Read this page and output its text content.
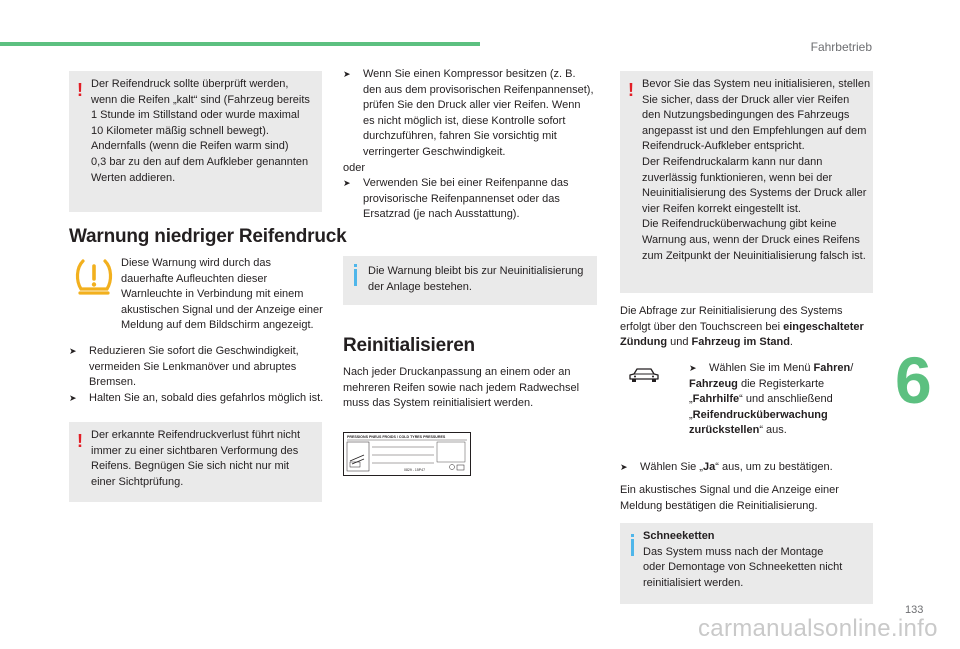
Fahrbetrieb
6
133
carmanualsonline.info
! Der Reifendruck sollte überprüft werden,

wenn die Reifen „kalt“ sind (Fahrzeug bereits

1 Stunde im Stillstand oder wurde maximal

10 Kilometer mäßig schnell bewegt).

Andernfalls (wenn die Reifen warm sind)

0,3 bar zu den auf dem Aufkleber genannten

Werten addieren.

Warnung niedriger Reifendruck

Diese Warnung wird durch das

dauerhafte Aufleuchten dieser

Warnleuchte in Verbindung mit einem

akustischen Signal und der Anzeige einer

Meldung auf dem Bildschirm angezeigt.

➤ Reduzieren Sie sofort die Geschwindigkeit,

vermeiden Sie Lenkmanöver und abruptes

Bremsen.

➤ Halten Sie an, sobald dies gefahrlos möglich ist.

! Der erkannte Reifendruckverlust führt nicht

immer zu einer sichtbaren Verformung des

Reifens. Begnügen Sie sich nicht nur mit

einer Sichtprüfung.

➤ Wenn Sie einen Kompressor besitzen (z. B.

den aus dem provisorischen Reifenpannenset),

prüfen Sie den Druck aller vier Reifen. Wenn

es nicht möglich ist, diese Kontrolle sofort

durchzuführen, fahren Sie vorsichtig mit

verringerter Geschwindigkeit.

oder

➤ Verwenden Sie bei einer Reifenpanne das

provisorische Reifenpannenset oder das

Ersatzrad (je nach Ausstattung).

Die Warnung bleibt bis zur Neuinitialisierung

der Anlage bestehen.

Reinitialisieren

Nach jeder Druckanpassung an einem oder an

mehreren Reifen sowie nach jedem Radwechsel

muss das System reinitialisiert werden.

PRESSIONS PNEUS FROIDS / COLD TYRES PRESSURES
0829 - 15P47
! Bevor Sie das System neu initialisieren, stellen

Sie sicher, dass der Druck aller vier Reifen

den Nutzungsbedingungen des Fahrzeugs

angepasst ist und den Empfehlungen auf dem

Reifendruck-Aufkleber entspricht.

Der Reifendruckalarm kann nur dann

zuverlässig funktionieren, wenn bei der

Neuinitialisierung des Systems der Druck aller

vier Reifen korrekt eingestellt ist.

Die Reifendrucküberwachung gibt keine

Warnung aus, wenn der Druck eines Reifens

zum Zeitpunkt der Neuinitialisierung falsch ist.

Die Abfrage zur Reinitialisierung des Systems

erfolgt über den Touchscreen bei eingeschalteter

Zündung und Fahrzeug im Stand.

➤ Wählen Sie im Menü Fahren/

Fahrzeug die Registerkarte

„Fahrhilfe“ und anschließend

„Reifendrucküberwachung

zurückstellen“ aus.

➤ Wählen Sie „Ja“ aus, um zu bestätigen.

Ein akustisches Signal und die Anzeige einer

Meldung bestätigen die Reinitialisierung.

Schneeketten

Das System muss nach der Montage

oder Demontage von Schneeketten nicht

reinitialisiert werden.
